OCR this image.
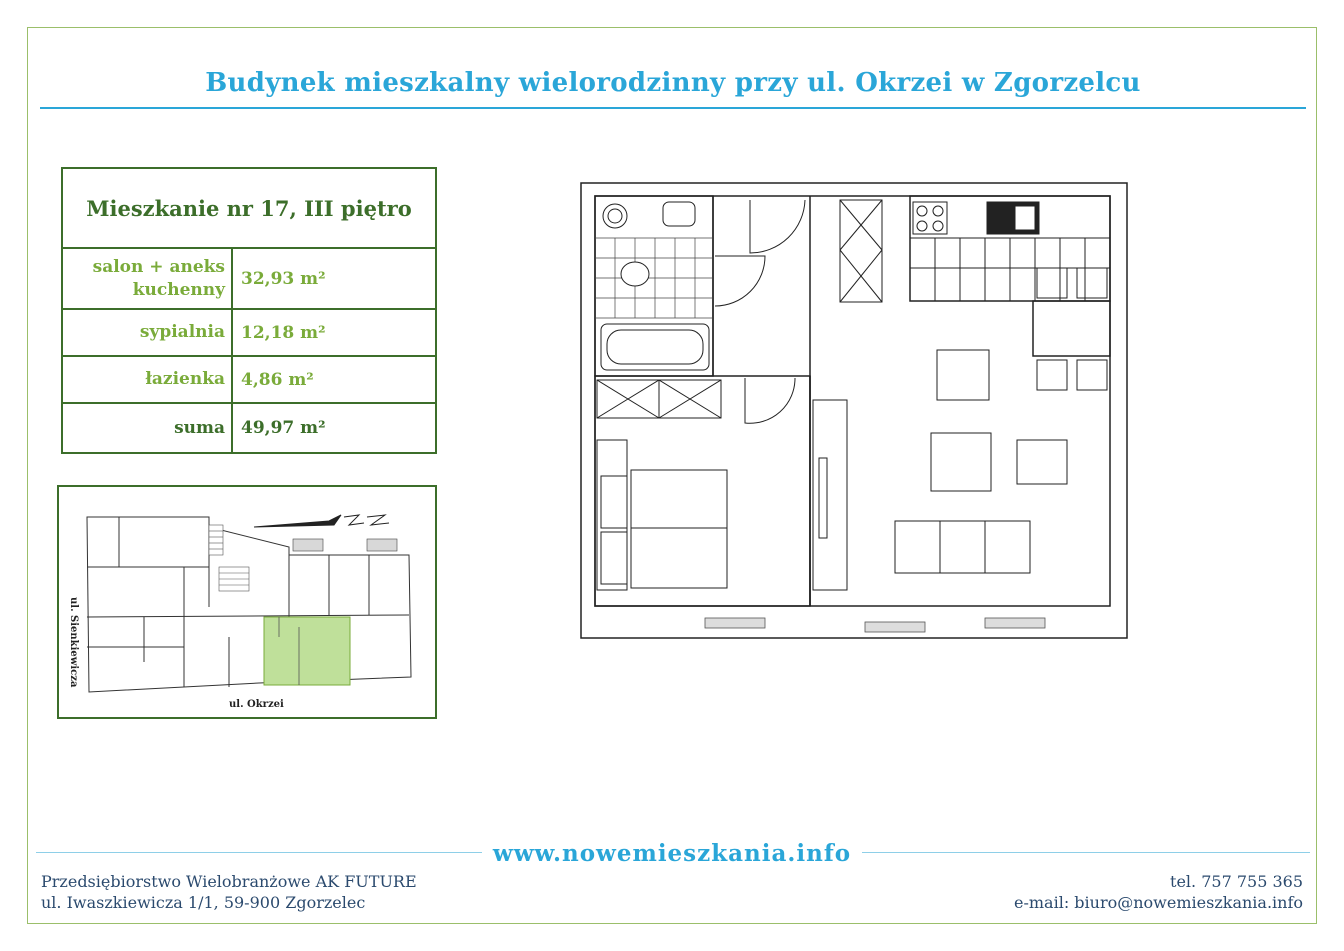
Budynek mieszkalny wielorodzinny przy ul. Okrzei w Zgorzelcu
Mieszkanie nr 17, III piętro
salon + aneks
kuchenny
32,93 m²
sypialnia 12,18 m²
łazienka 4,86 m²
suma 49,97 m²
ul. Sienkiewicza
ul. Okrzei
www.nowemieszkania.info
Przedsiębiorstwo Wielobranżowe AK FUTURE
ul. Iwaszkiewicza 1/1, 59-900 Zgorzelec
tel. 757 755 365
e-mail: biuro@nowemieszkania.info
